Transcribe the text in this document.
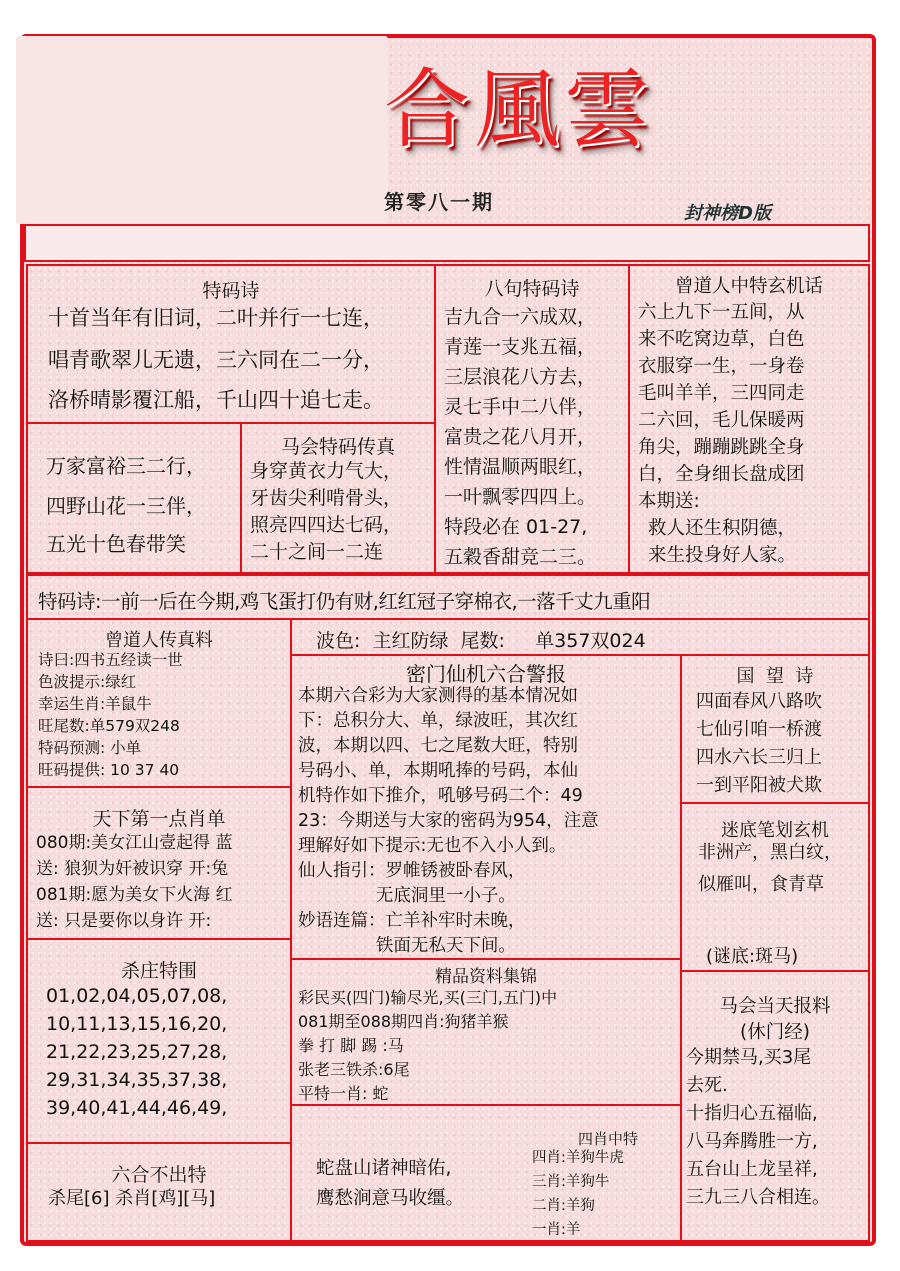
合風雲
第零八一期	封神榜D版
特码诗
十首当年有旧词，二叶并行一七连，
唱青歌翠儿无遗，三六同在二一分，
洛桥晴影覆江船，千山四十追七走。
八句特码诗
吉九合一六成双，
青莲一支兆五福，
三层浪花八方去，
灵七手中二八伴，
富贵之花八月开，
性情温顺两眼红，
一叶飘零四四上。
特段必在 01-27,
五穀香甜竞二三。
曾道人中特玄机话
六上九下一五间，从
来不吃窝边草，白色
衣服穿一生，一身卷
毛叫羊羊，三四同走
二六回，毛儿保暖两
角尖，蹦蹦跳跳全身
白，全身细长盘成团
本期送:
救人还生积阴德，
来生投身好人家。
万家富裕三二行，
四野山花一三伴，
五光十色春带笑
马会特码传真
身穿黄衣力气大，
牙齿尖利啃骨头，
照亮四四达七码，
二十之间一二连
特码诗:一前一后在今期,鸡飞蛋打仍有财,红红冠子穿棉衣,一落千丈九重阳
曾道人传真料
诗曰:四书五经读一世
色波提示:绿红
幸运生肖:羊鼠牛
旺尾数:单579双248
特码预测: 小单
旺码提供: 10 37 40
天下第一点肖单
080期:美女江山壹起得 蓝
送: 狼狈为奸被识穿 开:兔
081期:愿为美女下火海 红
送: 只是要你以身许 开:
杀庄特围
01,02,04,05,07,08,
10,11,13,15,16,20,
21,22,23,25,27,28,
29,31,34,35,37,38,
39,40,41,44,46,49,
六合不出特
杀尾[6] 杀肖[鸡][马]
波色:  主红防绿  尾数:     单357双024
密门仙机六合警报
本期六合彩为大家测得的基本情况如
下：总积分大、单，绿波旺，其次红
波，本期以四、七之尾数大旺，特别
号码小、单，本期吼捧的号码，本仙
机特作如下推介，吼够号码二个：49
23：今期送与大家的密码为954，注意
理解好如下提示:无也不入小人到。
仙人指引：罗帷锈被卧春风，
无底洞里一小子。
妙语连篇：亡羊补牢时未晚，
铁面无私天下间。
精品资料集锦
彩民买(四门)输尽光,买(三门,五门)中
081期至088期四肖:狗猪羊猴
拳 打 脚 踢 :马
张老三铁杀:6尾
平特一肖: 蛇
蛇盘山诸神暗佑,
鹰愁涧意马收缰。
四肖中特
四肖:羊狗牛虎
三肖:羊狗牛
二肖:羊狗
一肖:羊
国  望  诗
四面春风八路吹
七仙引咱一桥渡
四水六长三归上
一到平阳被犬欺
迷底笔划玄机
非洲产，黑白纹，
似雁叫，食青草
(谜底:斑马)
马会当天报料
(休门经)
今期禁马,买3尾
去死.
十指归心五福临,
八马奔腾胜一方,
五台山上龙呈祥,
三九三八合相连。
